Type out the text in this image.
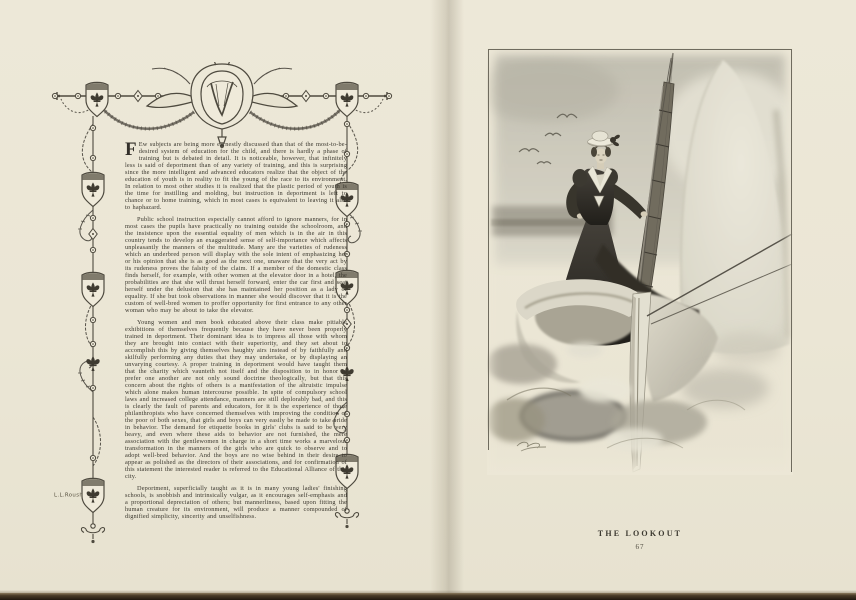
F Ew subjects are being more earnestly discussed than that of the most-to-be-desired system of education for the child, and there is hardly a phase of training but is debated in detail. It is noticeable, however, that infinitely less is said of deportment than of any variety of training, and this is surprising since the more intelligent and advanced educators realize that the object of the education of youth is in reality to fit the young of the race to its environment. In relation to most other studies it is realized that the plastic period of youth is the time for instilling and molding, but instruction in deportment is left to chance or to home training, which in most cases is equivalent to leaving it also to haphazard.

Public school instruction especially cannot afford to ignore manners, for in most cases the pupils have practically no training outside the schoolroom, and the insistence upon the essential equality of men which is in the air in this country tends to develop an exaggerated sense of self-importance which affects unpleasantly the manners of the multitude. Many are the varieties of rudeness which an underbred person will display with the sole intent of emphasizing her or his opinion that she is as good as the next one, unaware that the very act by its rudeness proves the falsity of the claim. If a member of the domestic class finds herself, for example, with other women at the elevator door in a hotel, the probabilities are that she will thrust herself forward, enter the car first and seat herself under the delusion that she has maintained her position as a lady of equality. If she but took observations in manner she would discover that it is the custom of well-bred women to proffer opportunity for first entrance to any other woman who may be about to take the elevator.

Young women and men book educated above their class make pitiable exhibitions of themselves frequently because they have never been properly trained in deportment. Their dominant idea is to impress all those with whom they are brought into contact with their superiority, and they set about to accomplish this by giving themselves haughty airs instead of by faithfully and skilfully performing any duties that they may undertake, or by displaying an unvarying courtesy. A proper training in deportment would have taught them that the charity which vaunteth not itself and the disposition to in honor to prefer one another are not only sound doctrine theologically, but that this concern about the rights of others is a manifestation of the altruistic impulse which alone makes human intercourse possible. In spite of compulsory school laws and increased college attendance, manners are still deplorably bad, and this is clearly the fault of parents and educators, for it is the experience of those philanthropists who have concerned themselves with improving the condition of the poor of both sexes, that girls and boys can very easily be made to take pride in behavior. The demand for etiquette books in girls' clubs is said to be very heavy, and even where these aids to behavior are not furnished, the mere association with the gentlewomen in charge in a short time works a marvelous transformation in the manners of the girls who are quick to observe and to adopt well-bred behavior. And the boys are no wise behind in their desire to appear as polished as the directors of their associations, and for confirmation of this statement the interested reader is referred to the Educational Alliance of this city.

Deportment, superficially taught as it is in many young ladies' finishing schools, is snobbish and intrinsically vulgar, as it encourages self-emphasis and a proportional depreciation of others; but mannerliness, based upon fitting the human creature for its environment, will produce a manner compounded of dignified simplicity, sincerity and unselfishness.

L.L.Roush
THE LOOKOUT
67
